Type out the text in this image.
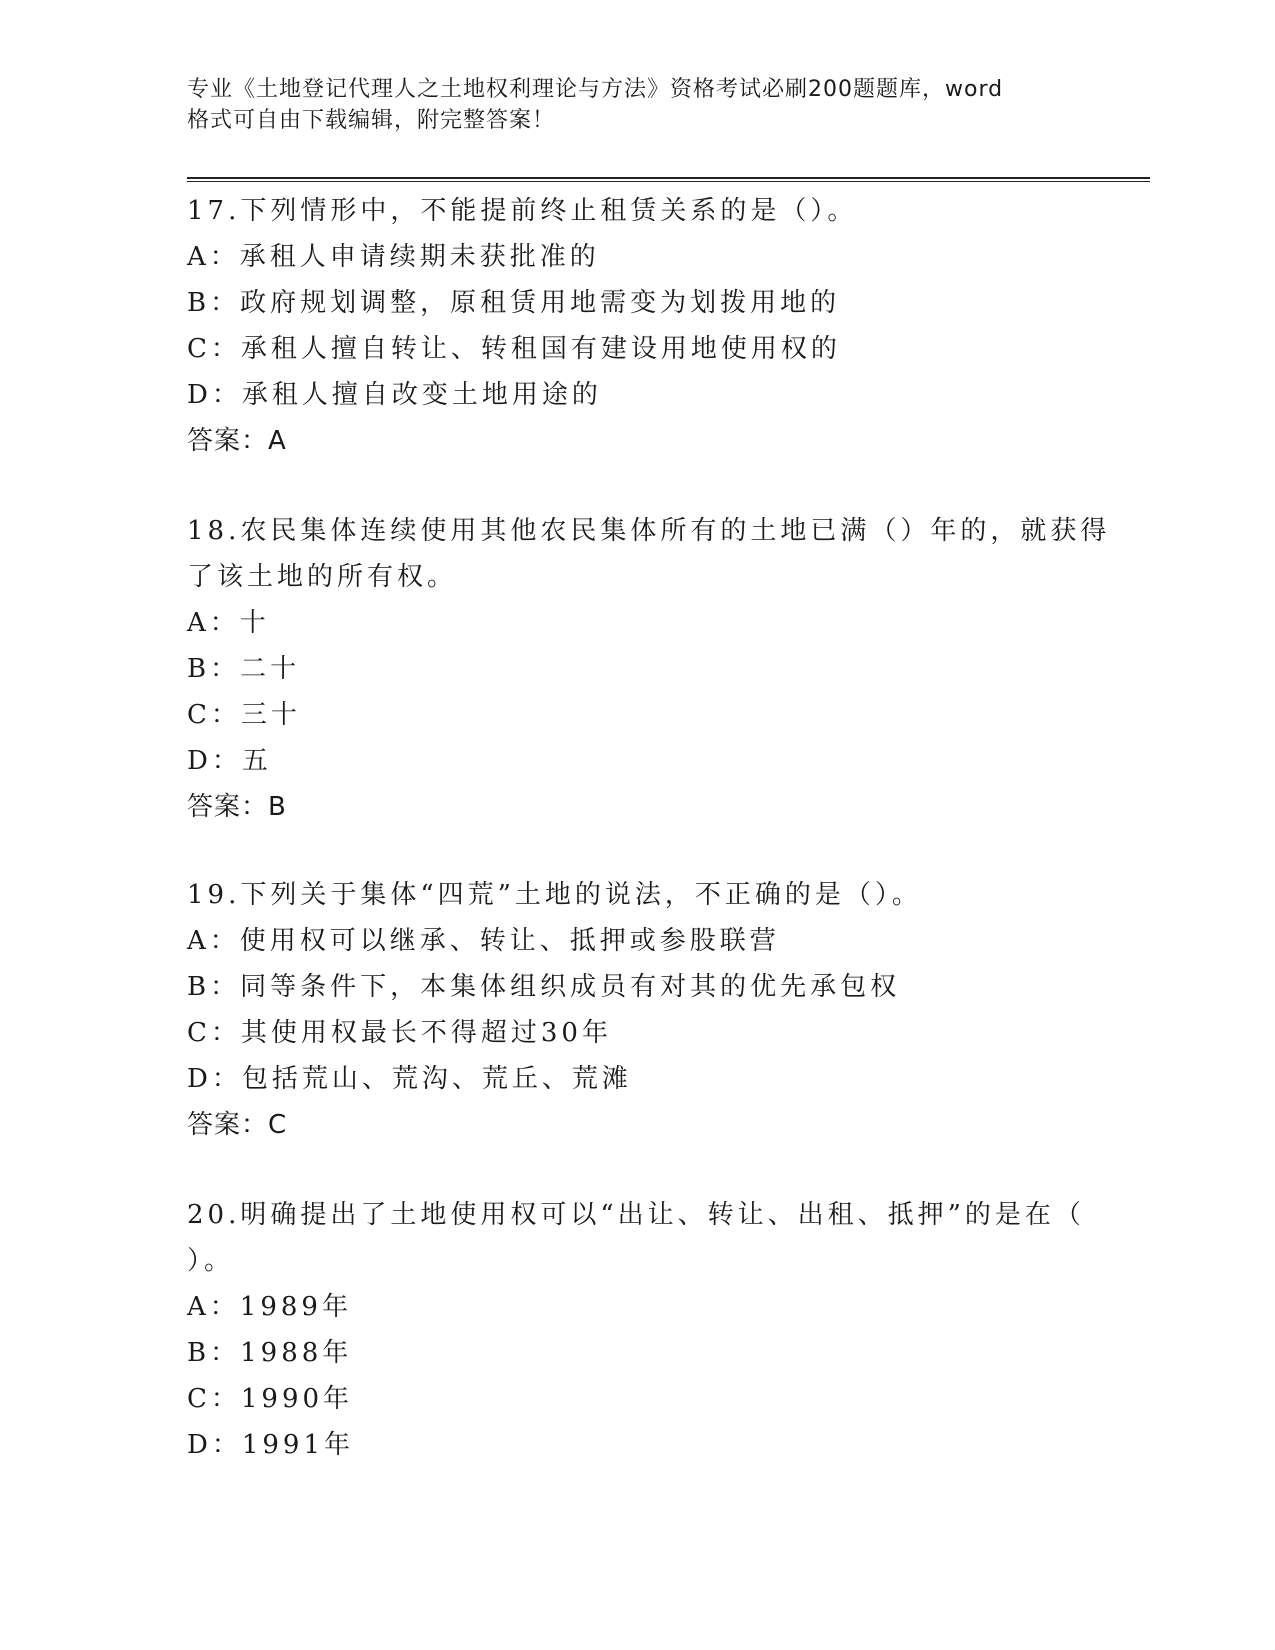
专业《土地登记代理人之土地权利理论与方法》资格考试必刷200题题库，word
格式可自由下载编辑，附完整答案！
17.下列情形中，不能提前终止租赁关系的是（）。
A：承租人申请续期未获批准的
B：政府规划调整，原租赁用地需变为划拨用地的
C：承租人擅自转让、转租国有建设用地使用权的
D：承租人擅自改变土地用途的
答案：A
18.农民集体连续使用其他农民集体所有的土地已满（）年的，就获得
了该土地的所有权。
A：十
B：二十
C：三十
D：五
答案：B
19.下列关于集体“四荒”土地的说法，不正确的是（）。
A：使用权可以继承、转让、抵押或参股联营
B：同等条件下，本集体组织成员有对其的优先承包权
C：其使用权最长不得超过30年
D：包括荒山、荒沟、荒丘、荒滩
答案：C
20.明确提出了土地使用权可以“出让、转让、出租、抵押”的是在（
）。
A：1989年
B：1988年
C：1990年
D：1991年
